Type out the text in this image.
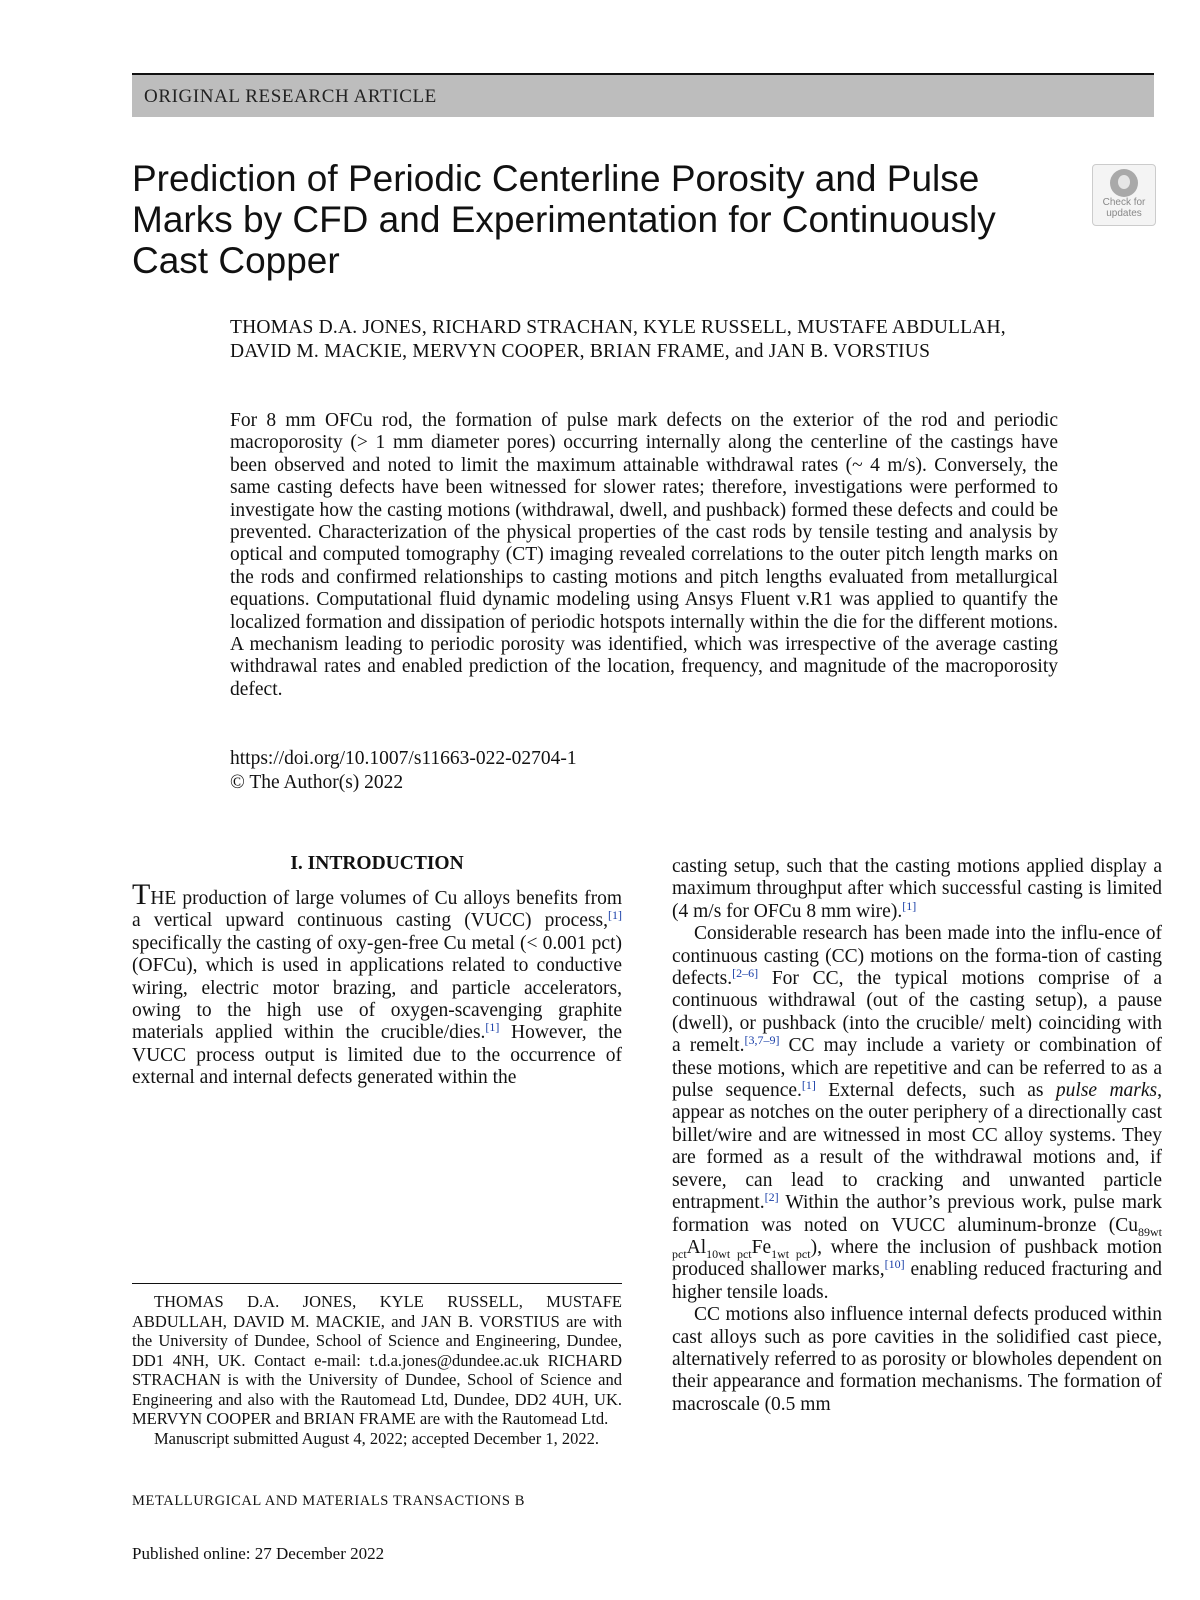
ORIGINAL RESEARCH ARTICLE
Prediction of Periodic Centerline Porosity and Pulse Marks by CFD and Experimentation for Continuously Cast Copper
Check for
updates

THOMAS D.A. JONES, RICHARD STRACHAN, KYLE RUSSELL, MUSTAFE ABDULLAH, DAVID M. MACKIE, MERVYN COOPER, BRIAN FRAME, and JAN B. VORSTIUS

For 8 mm OFCu rod, the formation of pulse mark defects on the exterior of the rod and periodic macroporosity (> 1 mm diameter pores) occurring internally along the centerline of the castings have been observed and noted to limit the maximum attainable withdrawal rates (~ 4 m/s). Conversely, the same casting defects have been witnessed for slower rates; therefore, investigations were performed to investigate how the casting motions (withdrawal, dwell, and pushback) formed these defects and could be prevented. Characterization of the physical properties of the cast rods by tensile testing and analysis by optical and computed tomography (CT) imaging revealed correlations to the outer pitch length marks on the rods and confirmed relationships to casting motions and pitch lengths evaluated from metallurgical equations. Computational fluid dynamic modeling using Ansys Fluent v.R1 was applied to quantify the localized formation and dissipation of periodic hotspots internally within the die for the different motions. A mechanism leading to periodic porosity was identified, which was irrespective of the average casting withdrawal rates and enabled prediction of the location, frequency, and magnitude of the macroporosity defect.

https://doi.org/10.1007/s11663-022-02704-1
© The Author(s) 2022
I. INTRODUCTION

THE production of large volumes of Cu alloys benefits from a vertical upward continuous casting (VUCC) process,[1] specifically the casting of oxy-gen-free Cu metal (< 0.001 pct) (OFCu), which is used in applications related to conductive wiring, electric motor brazing, and particle accelerators, owing to the high use of oxygen-scavenging graphite materials applied within the crucible/dies.[1] However, the VUCC process output is limited due to the occurrence of external and internal defects generated within the

casting setup, such that the casting motions applied display a maximum throughput after which successful casting is limited (4 m/s for OFCu 8 mm wire).[1]

Considerable research has been made into the influ-ence of continuous casting (CC) motions on the forma-tion of casting defects.[2–6] For CC, the typical motions comprise of a continuous withdrawal (out of the casting setup), a pause (dwell), or pushback (into the crucible/ melt) coinciding with a remelt.[3,7–9] CC may include a variety or combination of these motions, which are repetitive and can be referred to as a pulse sequence.[1] External defects, such as pulse marks, appear as notches on the outer periphery of a directionally cast billet/wire and are witnessed in most CC alloy systems. They are formed as a result of the withdrawal motions and, if severe, can lead to cracking and unwanted particle entrapment.[2] Within the author’s previous work, pulse mark formation was noted on VUCC aluminum-bronze $(Cu_{89wt pct}Al_{10wt pct}Fe_{1wt pct})$, where the inclusion of pushback motion produced shallower marks,[10] enabling reduced fracturing and higher tensile loads.

CC motions also influence internal defects produced within cast alloys such as pore cavities in the solidified cast piece, alternatively referred to as porosity or blowholes dependent on their appearance and formation mechanisms. The formation of macroscale (0.5 mm

THOMAS D.A. JONES, KYLE RUSSELL, MUSTAFE ABDULLAH, DAVID M. MACKIE, and JAN B. VORSTIUS are with the University of Dundee, School of Science and Engineering, Dundee, DD1 4NH, UK. Contact e-mail: t.d.a.jones@dundee.ac.uk RICHARD STRACHAN is with the University of Dundee, School of Science and Engineering and also with the Rautomead Ltd, Dundee, DD2 4UH, UK. MERVYN COOPER and BRIAN FRAME are with the Rautomead Ltd.

Manuscript submitted August 4, 2022; accepted December 1, 2022.

METALLURGICAL AND MATERIALS TRANSACTIONS B
Published online: 27 December 2022
